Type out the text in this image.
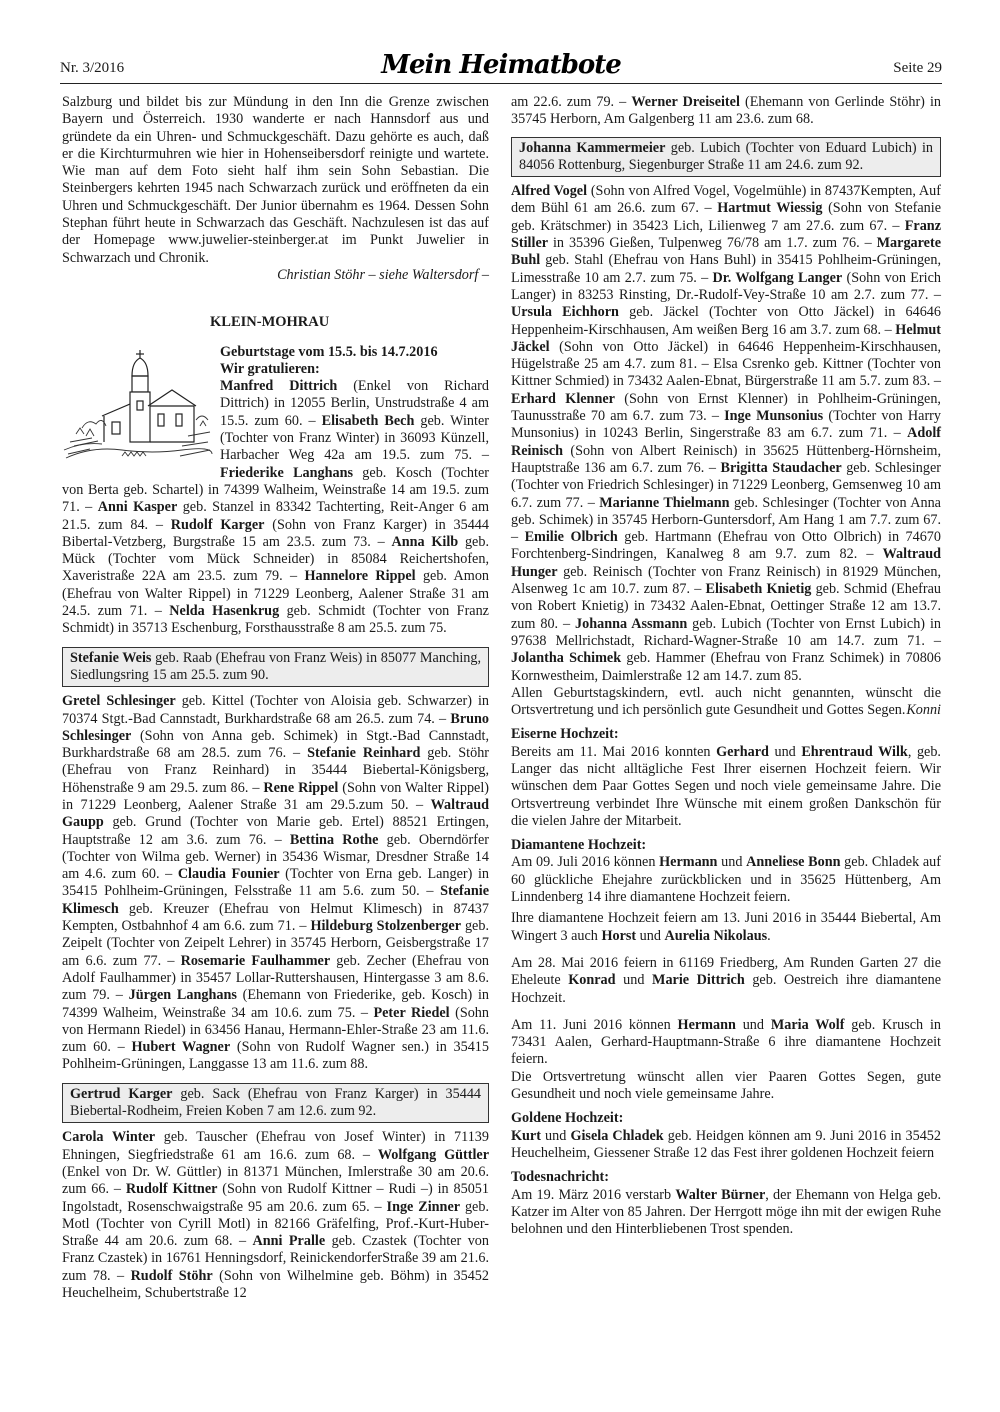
Nr. 3/2016	Mein Heimatbote	Seite 29

Salzburg und bildet bis zur Mündung in den Inn die Grenze zwischen Bayern und Österreich. 1930 wanderte er nach Hannsdorf aus und gründete da ein Uhren- und Schmuckgeschäft. Dazu gehörte es auch, daß er die Kirchturmuhren wie hier in Hohenseibersdorf reinigte und wartete. Wie man auf dem Foto sieht half ihm sein Sohn Sebastian. Die Steinbergers kehrten 1945 nach Schwarzach zurück und eröffneten da ein Uhren und Schmuckgeschäft. Der Junior übernahm es 1964. Dessen Sohn Stephan führt heute in Schwarzach das Geschäft. Nachzulesen ist das auf der Homepage www.juwelier-steinberger.at im Punkt Juwelier in Schwarzach und Chronik.

Christian Stöhr – siehe Waltersdorf –

KLEIN-MOHRAU

Geburtstage vom 15.5. bis 14.7.2016

Wir gratulieren:

Manfred Dittrich (Enkel von Richard Dittrich) in 12055 Berlin, Unstrudstraße 4 am 15.5. zum 60. – Elisabeth Bech geb. Winter (Tochter von Franz Winter) in 36093 Künzell, Harbacher Weg 42a am 19.5. zum 75. – Friederike Langhans geb. Kosch (Tochter von Berta geb. Schartel) in 74399 Walheim, Weinstraße 14 am 19.5. zum 71. – Anni Kasper geb. Stanzel in 83342 Tachterting, Reit-Anger 6 am 21.5. zum 84. – Rudolf Karger (Sohn von Franz Karger) in 35444 Bibertal-Vetzberg, Burgstraße 15 am 23.5. zum 73. – Anna Kilb geb. Mück (Tochter vom Mück Schneider) in 85084 Reichertshofen, Xaveristraße 22A am 23.5. zum 79. – Hannelore Rippel geb. Amon (Ehefrau von Walter Rippel) in 71229 Leonberg, Aalener Straße 31 am 24.5. zum 71. – Nelda Hasenkrug geb. Schmidt (Tochter von Franz Schmidt) in 35713 Eschenburg, Forsthausstraße 8 am 25.5. zum 75.

Stefanie Weis geb. Raab (Ehefrau von Franz Weis) in 85077 Manching, Siedlungsring 15 am 25.5. zum 90.

Gretel Schlesinger geb. Kittel (Tochter von Aloisia geb. Schwarzer) in 70374 Stgt.-Bad Cannstadt, Burkhardstraße 68 am 26.5. zum 74. – Bruno Schlesinger (Sohn von Anna geb. Schimek) in Stgt.-Bad Cannstadt, Burkhardstraße 68 am 28.5. zum 76. – Stefanie Reinhard geb. Stöhr (Ehefrau von Franz Reinhard) in 35444 Biebertal-Königsberg, Höhenstraße 9 am 29.5. zum 86. – Rene Rippel (Sohn von Walter Rippel) in 71229 Leonberg, Aalener Straße 31 am 29.5.zum 50. – Waltraud Gaupp geb. Grund (Tochter von Marie geb. Ertel) 88521 Ertingen, Hauptstraße 12 am 3.6. zum 76. – Bettina Rothe geb. Oberndörfer (Tochter von Wilma geb. Werner) in 35436 Wismar, Dresdner Straße 14 am 4.6. zum 60. – Claudia Founier (Tochter von Erna geb. Langer) in 35415 Pohlheim-Grüningen, Felsstraße 11 am 5.6. zum 50. – Stefanie Klimesch geb. Kreuzer (Ehefrau von Helmut Klimesch) in 87437 Kempten, Ostbahnhof 4 am 6.6. zum 71. – Hildeburg Stolzenberger geb. Zeipelt (Tochter von Zeipelt Lehrer) in 35745 Herborn, Geisbergstraße 17 am 6.6. zum 77. – Rosemarie Faulhammer geb. Zecher (Ehefrau von Adolf Faulhammer) in 35457 Lollar-Ruttershausen, Hintergasse 3 am 8.6. zum 79. – Jürgen Langhans (Ehemann von Friederike, geb. Kosch) in 74399 Walheim, Weinstraße 34 am 10.6. zum 75. – Peter Riedel (Sohn von Hermann Riedel) in 63456 Hanau, Hermann-Ehler-Straße 23 am 11.6. zum 60. – Hubert Wagner (Sohn von Rudolf Wagner sen.) in 35415 Pohlheim-Grüningen, Langgasse 13 am 11.6. zum 88.

Gertrud Karger geb. Sack (Ehefrau von Franz Karger) in 35444 Biebertal-Rodheim, Freien Koben 7 am 12.6. zum 92.

Carola Winter geb. Tauscher (Ehefrau von Josef Winter) in 71139 Ehningen, Siegfriedstraße 61 am 16.6. zum 68. – Wolfgang Güttler (Enkel von Dr. W. Güttler) in 81371 München, Imlerstraße 30 am 20.6. zum 66. – Rudolf Kittner (Sohn von Rudolf Kittner – Rudi –) in 85051 Ingolstadt, Rosenschwaigstraße 95 am 20.6. zum 65. – Inge Zinner geb. Motl (Tochter von Cyrill Motl) in 82166 Gräfelfing, Prof.-Kurt-Huber-Straße 44 am 20.6. zum 68. – Anni Pralle geb. Czastek (Tochter von Franz Czastek) in 16761 Henningsdorf, ReinickendorferStraße 39 am 21.6. zum 78. – Rudolf Stöhr (Sohn von Wilhelmine geb. Böhm) in 35452 Heuchelheim, Schubertstraße 12

am 22.6. zum 79. – Werner Dreiseitel (Ehemann von Gerlinde Stöhr) in 35745 Herborn, Am Galgenberg 11 am 23.6. zum 68.

Johanna Kammermeier geb. Lubich (Tochter von Eduard Lubich) in 84056 Rottenburg, Siegenburger Straße 11 am 24.6. zum 92.

Alfred Vogel (Sohn von Alfred Vogel, Vogelmühle) in 87437Kempten, Auf dem Bühl 61 am 26.6. zum 67. – Hartmut Wiessig (Sohn von Stefanie geb. Krätschmer) in 35423 Lich, Lilienweg 7 am 27.6. zum 67. – Franz Stiller in 35396 Gießen, Tulpenweg 76/78 am 1.7. zum 76. – Margarete Buhl geb. Stahl (Ehefrau von Hans Buhl) in 35415 Pohlheim-Grüningen, Limesstraße 10 am 2.7. zum 75. – Dr. Wolfgang Langer (Sohn von Erich Langer) in 83253 Rinsting, Dr.-Rudolf-Vey-Straße 10 am 2.7. zum 77. – Ursula Eichhorn geb. Jäckel (Tochter von Otto Jäckel) in 64646 Heppenheim-Kirschhausen, Am weißen Berg 16 am 3.7. zum 68. – Helmut Jäckel (Sohn von Otto Jäckel) in 64646 Heppenheim-Kirschhausen, Hügelstraße 25 am 4.7. zum 81. – Elsa Csrenko geb. Kittner (Tochter von Kittner Schmied) in 73432 Aalen-Ebnat, Bürgerstraße 11 am 5.7. zum 83. – Erhard Klenner (Sohn von Ernst Klenner) in Pohlheim-Grüningen, Taunusstraße 70 am 6.7. zum 73. – Inge Munsonius (Tochter von Harry Munsonius) in 10243 Berlin, Singerstraße 83 am 6.7. zum 71. – Adolf Reinisch (Sohn von Albert Reinisch) in 35625 Hüttenberg-Hörnsheim, Hauptstraße 136 am 6.7. zum 76. – Brigitta Staudacher geb. Schlesinger (Tochter von Friedrich Schlesinger) in 71229 Leonberg, Gemsenweg 10 am 6.7. zum 77. – Marianne Thielmann geb. Schlesinger (Tochter von Anna geb. Schimek) in 35745 Herborn-Guntersdorf, Am Hang 1 am 7.7. zum 67. – Emilie Olbrich geb. Hartmann (Ehefrau von Otto Olbrich) in 74670 Forchtenberg-Sindringen, Kanalweg 8 am 9.7. zum 82. – Waltraud Hunger geb. Reinisch (Tochter von Franz Reinisch) in 81929 München, Alsenweg 1c am 10.7. zum 87. – Elisabeth Knietig geb. Schmid (Ehefrau von Robert Knietig) in 73432 Aalen-Ebnat, Oettinger Straße 12 am 13.7. zum 80. – Johanna Assmann geb. Lubich (Tochter von Ernst Lubich) in 97638 Mellrichstadt, Richard-Wagner-Straße 10 am 14.7. zum 71. – Jolantha Schimek geb. Hammer (Ehefrau von Franz Schimek) in 70806 Kornwestheim, Daimlerstraße 12 am 14.7. zum 85.

Allen Geburtstagskindern, evtl. auch nicht genannten, wünscht die Ortsvertretung und ich persönlich gute Gesundheit und Gottes Segen. Konni

Eiserne Hochzeit:

Bereits am 11. Mai 2016 konnten Gerhard und Ehrentraud Wilk, geb. Langer das nicht alltägliche Fest Ihrer eisernen Hochzeit feiern. Wir wünschen dem Paar Gottes Segen und noch viele gemeinsame Jahre. Die Ortsvertreung verbindet Ihre Wünsche mit einem großen Dankschön für die vielen Jahre der Mitarbeit.

Diamantene Hochzeit:

Am 09. Juli 2016 können Hermann und Anneliese Bonn geb. Chladek auf 60 glückliche Ehejahre zurückblicken und in 35625 Hüttenberg, Am Linndenberg 14 ihre diamantene Hochzeit feiern.

Ihre diamantene Hochzeit feiern am 13. Juni 2016 in 35444 Biebertal, Am Wingert 3 auch Horst und Aurelia Nikolaus.

Am 28. Mai 2016 feiern in 61169 Friedberg, Am Runden Garten 27 die Eheleute Konrad und Marie Dittrich geb. Oestreich ihre diamantene Hochzeit.

Am 11. Juni 2016 können Hermann und Maria Wolf geb. Krusch in 73431 Aalen, Gerhard-Hauptmann-Straße 6 ihre diamantene Hochzeit feiern.

Die Ortsvertretung wünscht allen vier Paaren Gottes Segen, gute Gesundheit und noch viele gemeinsame Jahre.

Goldene Hochzeit:

Kurt und Gisela Chladek geb. Heidgen können am 9. Juni 2016 in 35452 Heuchelheim, Giessener Straße 12 das Fest ihrer goldenen Hochzeit feiern

Todesnachricht:

Am 19. März 2016 verstarb Walter Bürner, der Ehemann von Helga geb. Katzer im Alter von 85 Jahren. Der Herrgott möge ihn mit der ewigen Ruhe belohnen und den Hinterbliebenen Trost spenden.
